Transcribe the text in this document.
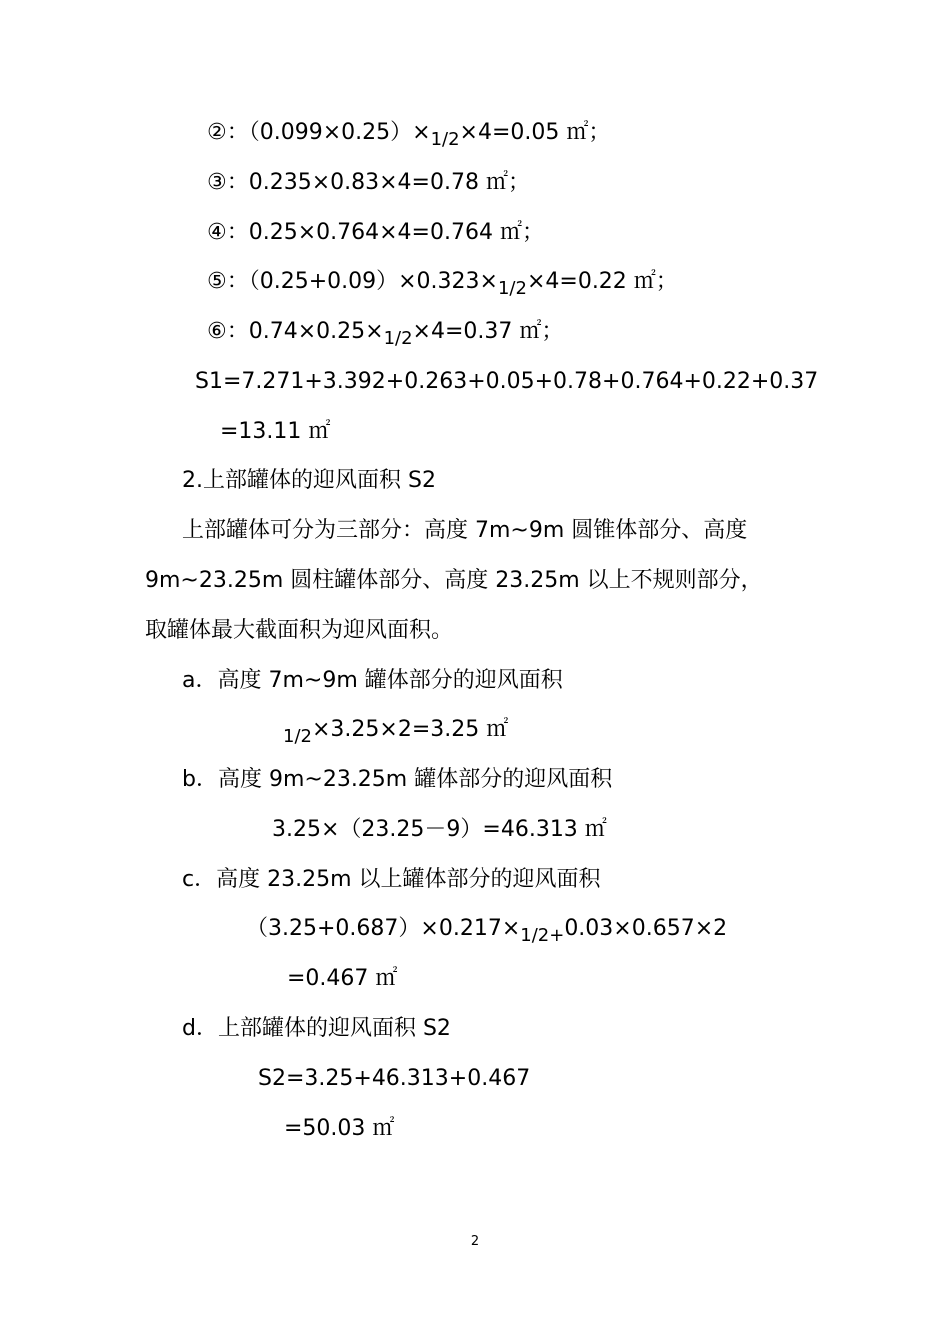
②：$(0.099\times 0.25)\times_{1/2}\times 4=0.05$ ㎡；
③：0.235×0.83×4=0.78 ㎡；
④：0.25×0.764×4=0.764 ㎡；
⑤：$(0.25+0.09)\times 0.323\times_{1/2}\times 4=0.22$ ㎡；
⑥：$0.74\times 0.25\times_{1/2}\times 4=0.37$ ㎡；
S1=7.271+3.392+0.263+0.05+0.78+0.764+0.22+0.37
=13.11 ㎡
2.上部罐体的迎风面积 S2
上部罐体可分为三部分：高度 7m~9m 圆锥体部分、高度
9m~23.25m 圆柱罐体部分、高度 23.25m 以上不规则部分，
取罐体最大截面积为迎风面积。
a．高度 7m~9m 罐体部分的迎风面积
$_{1/2}$×3.25×2=3.25 ㎡
b．高度 9m~23.25m 罐体部分的迎风面积
3.25×（23.25－9）=46.313 ㎡
c．高度 23.25m 以上罐体部分的迎风面积
$(3.25+0.687)\times 0.217\times_{1/2+}0.03\times 0.657\times 2$
=0.467 ㎡
d．上部罐体的迎风面积 S2
S2=3.25+46.313+0.467
=50.03 ㎡
2
